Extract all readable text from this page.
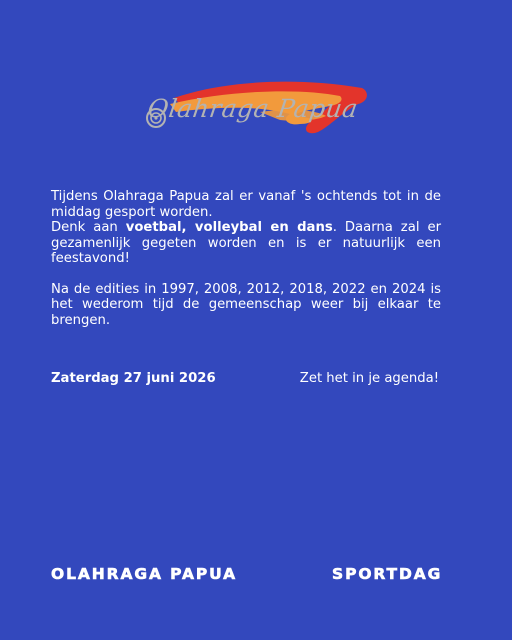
Olahraga Papua

Tijdens Olahraga Papua zal er vanaf 's ochtends tot in de middag gesport worden.
Denk aan voetbal, volleybal en dans. Daarna zal er gezamenlijk gegeten worden en is er natuurlijk een feestavond!

Na de edities in 1997, 2008, 2012, 2018, 2022 en 2024 is het wederom tijd de gemeenschap weer bij elkaar te brengen.

Zaterdag 27 juni 2026	Zet het in je agenda!
OLAHRAGA PAPUA	SPORTDAG
